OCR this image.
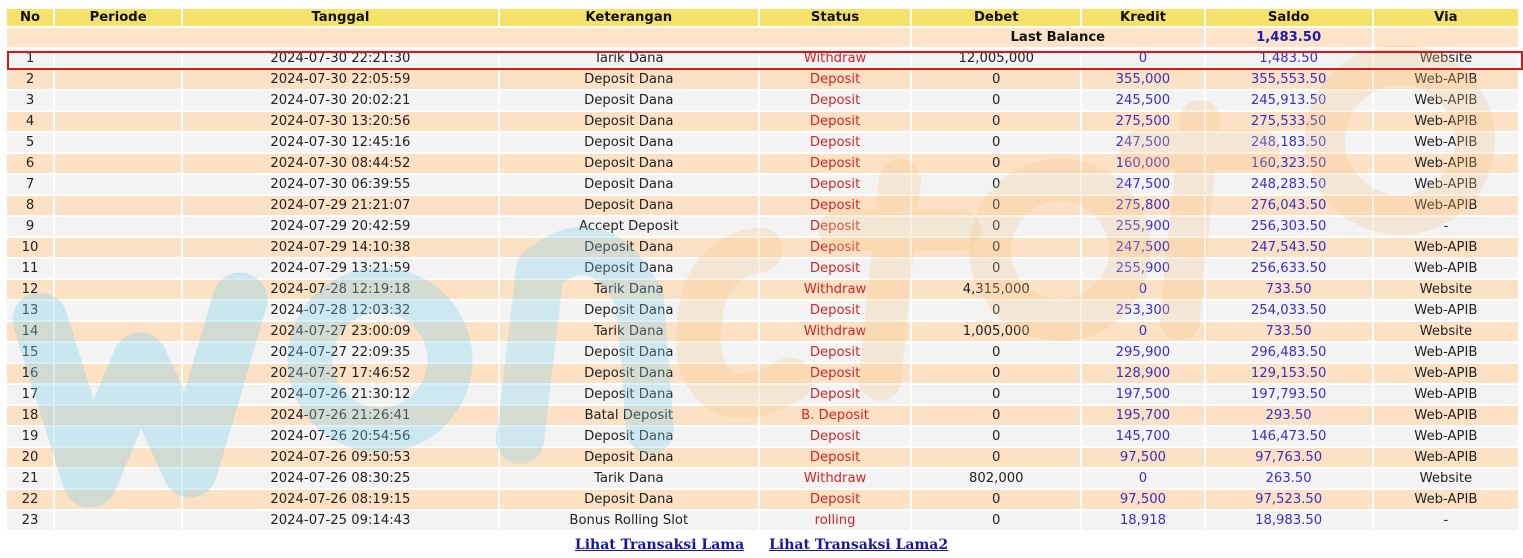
No	Periode	Tanggal	Keterangan	Status	Debet	Kredit	Saldo	Via
					Last Balance		1,483.50	
1		2024-07-30 22:21:30	Tarik Dana	Withdraw	12,005,000	0	1,483.50	Website
2		2024-07-30 22:05:59	Deposit Dana	Deposit	0	355,000	355,553.50	Web-APIB
3		2024-07-30 20:02:21	Deposit Dana	Deposit	0	245,500	245,913.50	Web-APIB
4		2024-07-30 13:20:56	Deposit Dana	Deposit	0	275,500	275,533.50	Web-APIB
5		2024-07-30 12:45:16	Deposit Dana	Deposit	0	247,500	248,183.50	Web-APIB
6		2024-07-30 08:44:52	Deposit Dana	Deposit	0	160,000	160,323.50	Web-APIB
7		2024-07-30 06:39:55	Deposit Dana	Deposit	0	247,500	248,283.50	Web-APIB
8		2024-07-29 21:21:07	Deposit Dana	Deposit	0	275,800	276,043.50	Web-APIB
9		2024-07-29 20:42:59	Accept Deposit	Deposit	0	255,900	256,303.50	-
10		2024-07-29 14:10:38	Deposit Dana	Deposit	0	247,500	247,543.50	Web-APIB
11		2024-07-29 13:21:59	Deposit Dana	Deposit	0	255,900	256,633.50	Web-APIB
12		2024-07-28 12:19:18	Tarik Dana	Withdraw	4,315,000	0	733.50	Website
13		2024-07-28 12:03:32	Deposit Dana	Deposit	0	253,300	254,033.50	Web-APIB
14		2024-07-27 23:00:09	Tarik Dana	Withdraw	1,005,000	0	733.50	Website
15		2024-07-27 22:09:35	Deposit Dana	Deposit	0	295,900	296,483.50	Web-APIB
16		2024-07-27 17:46:52	Deposit Dana	Deposit	0	128,900	129,153.50	Web-APIB
17		2024-07-26 21:30:12	Deposit Dana	Deposit	0	197,500	197,793.50	Web-APIB
18		2024-07-26 21:26:41	Batal Deposit	B. Deposit	0	195,700	293.50	Web-APIB
19		2024-07-26 20:54:56	Deposit Dana	Deposit	0	145,700	146,473.50	Web-APIB
20		2024-07-26 09:50:53	Deposit Dana	Deposit	0	97,500	97,763.50	Web-APIB
21		2024-07-26 08:30:25	Tarik Dana	Withdraw	802,000	0	263.50	Website
22		2024-07-26 08:19:15	Deposit Dana	Deposit	0	97,500	97,523.50	Web-APIB
23		2024-07-25 09:14:43	Bonus Rolling Slot	rolling	0	18,918	18,983.50	-
Lihat Transaksi Lama Lihat Transaksi Lama2
